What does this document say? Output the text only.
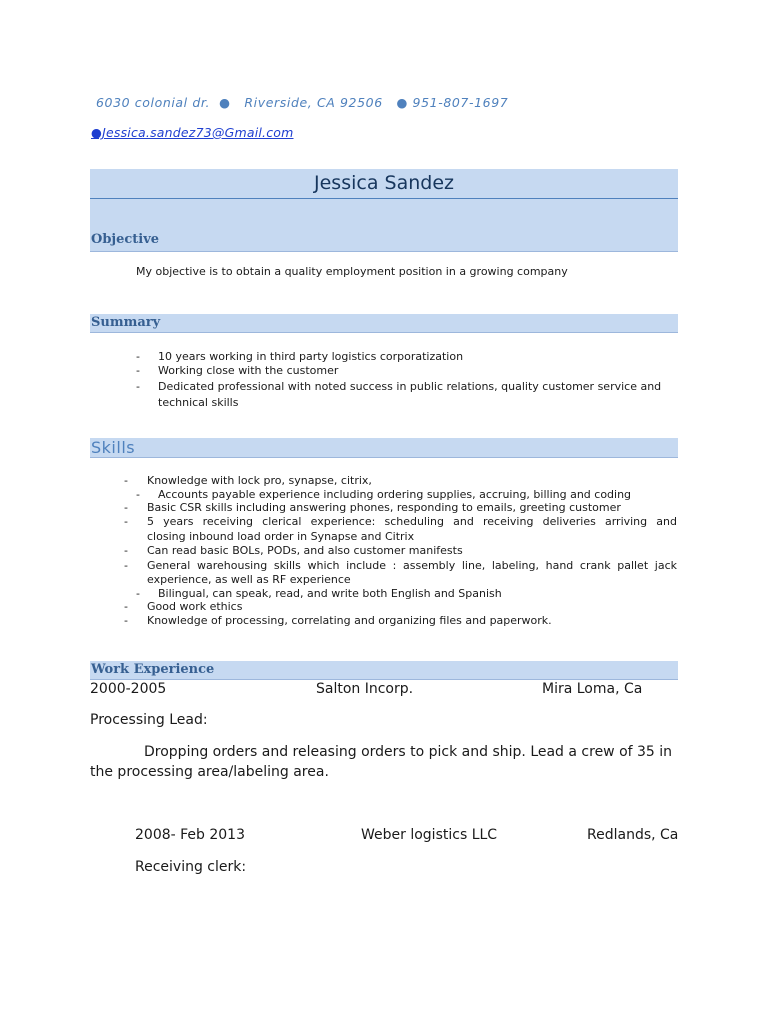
6030 colonial dr.  ●   Riverside, CA 92506   ● 951-807-1697
●Jessica.sandez73@Gmail.com
Jessica Sandez
Objective
My objective is to obtain a quality employment position in a growing company
Summary
- 10 years working in third party logistics corporatization
- Working close with the customer
- Dedicated professional with noted success in public relations, quality customer service and
technical skills
Skills
- Knowledge with lock pro, synapse, citrix,
- Accounts payable experience including ordering supplies, accruing, billing and coding
- Basic CSR skills including answering phones, responding to emails, greeting customer
- 5 years receiving clerical experience: scheduling and receiving deliveries arriving and
closing inbound load order in Synapse and Citrix
- Can read basic BOLs, PODs, and also customer manifests
- General warehousing skills which include : assembly line, labeling, hand crank pallet jack
experience, as well as RF experience
- Bilingual, can speak, read, and write both English and Spanish
- Good work ethics
- Knowledge of processing, correlating and organizing files and paperwork.
Work Experience
2000-2005	Salton Incorp.	Mira Loma, Ca
Processing Lead:
Dropping orders and releasing orders to pick and ship. Lead a crew of 35 in the processing area/labeling area.
2008- Feb 2013	Weber logistics LLC	Redlands, Ca
Receiving clerk:
